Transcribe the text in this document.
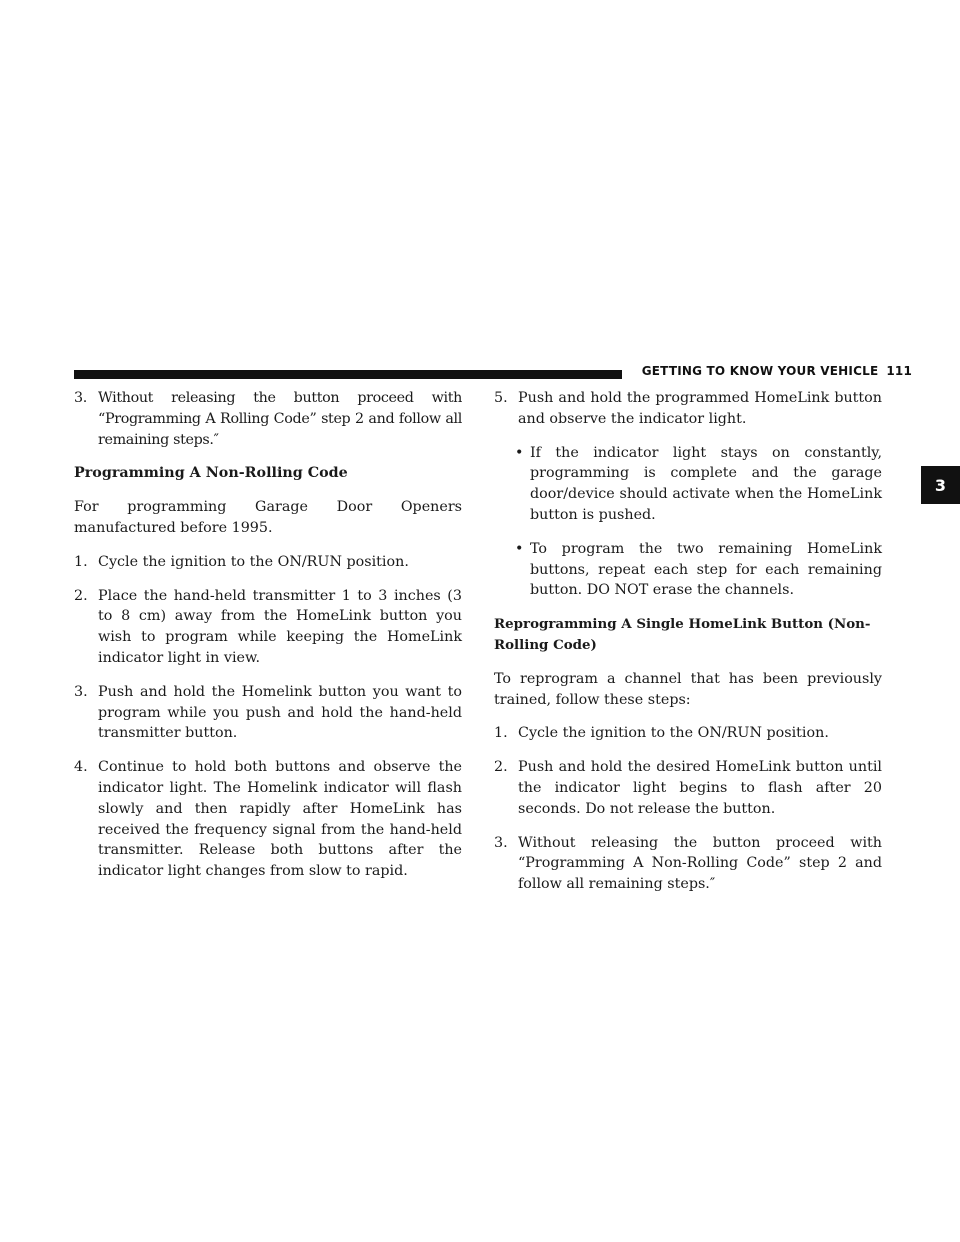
GETTING TO KNOW YOUR VEHICLE 111
3
3. Without releasing the button proceed with “Programming A Rolling Code” step 2 and follow all remaining steps.″
Programming A Non-Rolling Code
For programming Garage Door Openers manufactured before 1995.
1. Cycle the ignition to the ON/RUN position.
2. Place the hand-held transmitter 1 to 3 inches (3 to 8 cm) away from the HomeLink button you wish to program while keeping the HomeLink indicator light in view.
3. Push and hold the Homelink button you want to program while you push and hold the hand-held transmitter button.
4. Continue to hold both buttons and observe the indicator light. The Homelink indicator will flash slowly and then rapidly after HomeLink has received the frequency signal from the hand-held transmitter. Release both buttons after the indicator light changes from slow to rapid.
5. Push and hold the programmed HomeLink button and observe the indicator light.
• If the indicator light stays on constantly, programming is complete and the garage door/device should activate when the HomeLink button is pushed.
• To program the two remaining HomeLink buttons, repeat each step for each remaining button. DO NOT erase the channels.
Reprogramming A Single HomeLink Button (Non-Rolling Code)
To reprogram a channel that has been previously trained, follow these steps:
1. Cycle the ignition to the ON/RUN position.
2. Push and hold the desired HomeLink button until the indicator light begins to flash after 20 seconds. Do not release the button.
3. Without releasing the button proceed with “Programming A Non-Rolling Code” step 2 and follow all remaining steps.″
